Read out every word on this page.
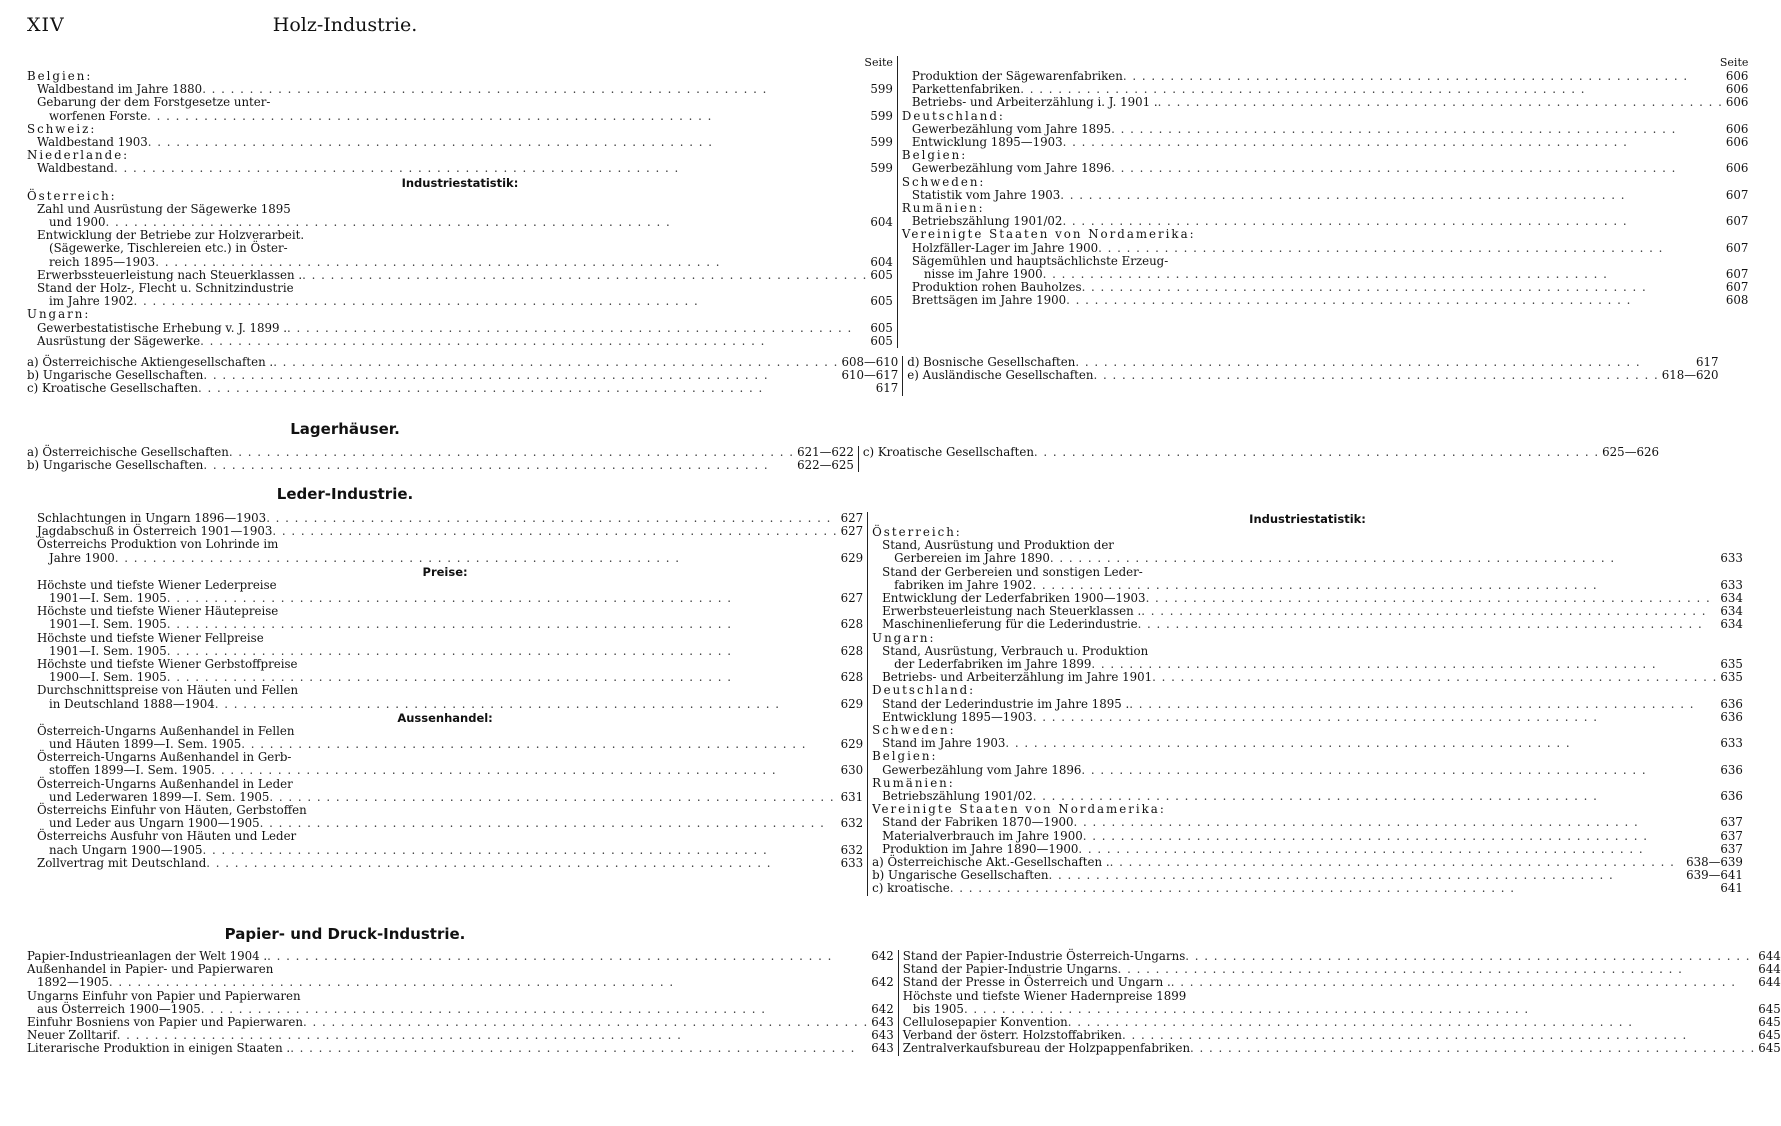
XIV	Holz-Industrie.
Seite
Belgien:
Waldbestand im Jahre 1880 . . .	599
Gebarung der dem Forstgesetze unter-
worfenen Forste . . .	599
Schweiz:
Waldbestand 1903 . . .	599
Niederlande:
Waldbestand . . .	599
Industriestatistik:
Österreich:
Zahl und Ausrüstung der Sägewerke 1895
und 1900 . . .	604
Entwicklung der Betriebe zur Holzverarbeit.
(Sägewerke, Tischlereien etc.) in Öster-
reich 1895—1903 . . .	604
Erwerbssteuerleistung nach Steuerklassen . . . .	605
Stand der Holz-, Flecht u. Schnitzindustrie
im Jahre 1902 . . .	605
Ungarn:
Gewerbestatistische Erhebung v. J. 1899 . . . .	605
Ausrüstung der Sägewerke . . .	605
Seite
Produktion der Sägewarenfabriken . . .	606
Parkettenfabriken . . .	606
Betriebs- und Arbeiterzählung i. J. 1901 . . . .	606
Deutschland:
Gewerbezählung vom Jahre 1895 . . .	606
Entwicklung 1895—1903 . . .	606
Belgien:
Gewerbezählung vom Jahre 1896 . . .	606
Schweden:
Statistik vom Jahre 1903 . . .	607
Rumänien:
Betriebszählung 1901/02 . . .	607
Vereinigte Staaten von Nordamerika:
Holzfäller-Lager im Jahre 1900 . . .	607
Sägemühlen und hauptsächlichste Erzeug-
nisse im Jahre 1900 . . .	607
Produktion rohen Bauholzes . . .	607
Brettsägen im Jahre 1900 . . .	608
a) Österreichische Aktiengesellschaften . . . .	608—610
b) Ungarische Gesellschaften . . .	610—617
c) Kroatische Gesellschaften . . .	617
d) Bosnische Gesellschaften . . .	617
e) Ausländische Gesellschaften . . .	618—620
Lagerhäuser.
a) Österreichische Gesellschaften . . .	621—622
b) Ungarische Gesellschaften . . .	622—625
c) Kroatische Gesellschaften . . .	625—626
Leder-Industrie.
Schlachtungen in Ungarn 1896—1903 . . .	627
Jagdabschuß in Österreich 1901—1903 . . .	627
Österreichs Produktion von Lohrinde im
Jahre 1900 . . .	629
Preise:
Höchste und tiefste Wiener Lederpreise
1901—I. Sem. 1905 . . .	627
Höchste und tiefste Wiener Häutepreise
1901—I. Sem. 1905 . . .	628
Höchste und tiefste Wiener Fellpreise
1901—I. Sem. 1905 . . .	628
Höchste und tiefste Wiener Gerbstoffpreise
1900—I. Sem. 1905 . . .	628
Durchschnittspreise von Häuten und Fellen
in Deutschland 1888—1904 . . .	629
Aussenhandel:
Österreich-Ungarns Außenhandel in Fellen
und Häuten 1899—I. Sem. 1905 . . .	629
Österreich-Ungarns Außenhandel in Gerb-
stoffen 1899—I. Sem. 1905 . . .	630
Österreich-Ungarns Außenhandel in Leder
und Lederwaren 1899—I. Sem. 1905 . . .	631
Österreichs Einfuhr von Häuten, Gerbstoffen
und Leder aus Ungarn 1900—1905 . . .	632
Österreichs Ausfuhr von Häuten und Leder
nach Ungarn 1900—1905 . . .	632
Zollvertrag mit Deutschland . . .	633
Industriestatistik:
Österreich:
Stand, Ausrüstung und Produktion der
Gerbereien im Jahre 1890 . . .	633
Stand der Gerbereien und sonstigen Leder-
fabriken im Jahre 1902 . . .	633
Entwicklung der Lederfabriken 1900—1903 . . .	634
Erwerbsteuerleistung nach Steuerklassen . . . .	634
Maschinenlieferung für die Lederindustrie . . .	634
Ungarn:
Stand, Ausrüstung, Verbrauch u. Produktion
der Lederfabriken im Jahre 1899 . . .	635
Betriebs- und Arbeiterzählung im Jahre 1901 . . .	635
Deutschland:
Stand der Lederindustrie im Jahre 1895 . . . .	636
Entwicklung 1895—1903 . . .	636
Schweden:
Stand im Jahre 1903 . . .	633
Belgien:
Gewerbezählung vom Jahre 1896 . . .	636
Rumänien:
Betriebszählung 1901/02 . . .	636
Vereinigte Staaten von Nordamerika:
Stand der Fabriken 1870—1900 . . .	637
Materialverbrauch im Jahre 1900 . . .	637
Produktion im Jahre 1890—1900 . . .	637
a) Österreichische Akt.-Gesellschaften . . . .	638—639
b) Ungarische Gesellschaften . . .	639—641
c) kroatische . . .	641
Papier- und Druck-Industrie.
Papier-Industrieanlagen der Welt 1904 . . . .	642
Außenhandel in Papier- und Papierwaren
1892—1905 . . .	642
Ungarns Einfuhr von Papier und Papierwaren
aus Österreich 1900—1905 . . .	642
Einfuhr Bosniens von Papier und Papierwaren . . .	643
Neuer Zolltarif . . .	643
Literarische Produktion in einigen Staaten . . . .	643
Stand der Papier-Industrie Österreich-Ungarns . . .	644
Stand der Papier-Industrie Ungarns . . .	644
Stand der Presse in Österreich und Ungarn . . . .	644
Höchste und tiefste Wiener Hadernpreise 1899
bis 1905 . . .	645
Cellulosepapier Konvention . . .	645
Verband der österr. Holzstoffabriken . . .	645
Zentralverkaufsbureau der Holzpappenfabriken . . .	645
